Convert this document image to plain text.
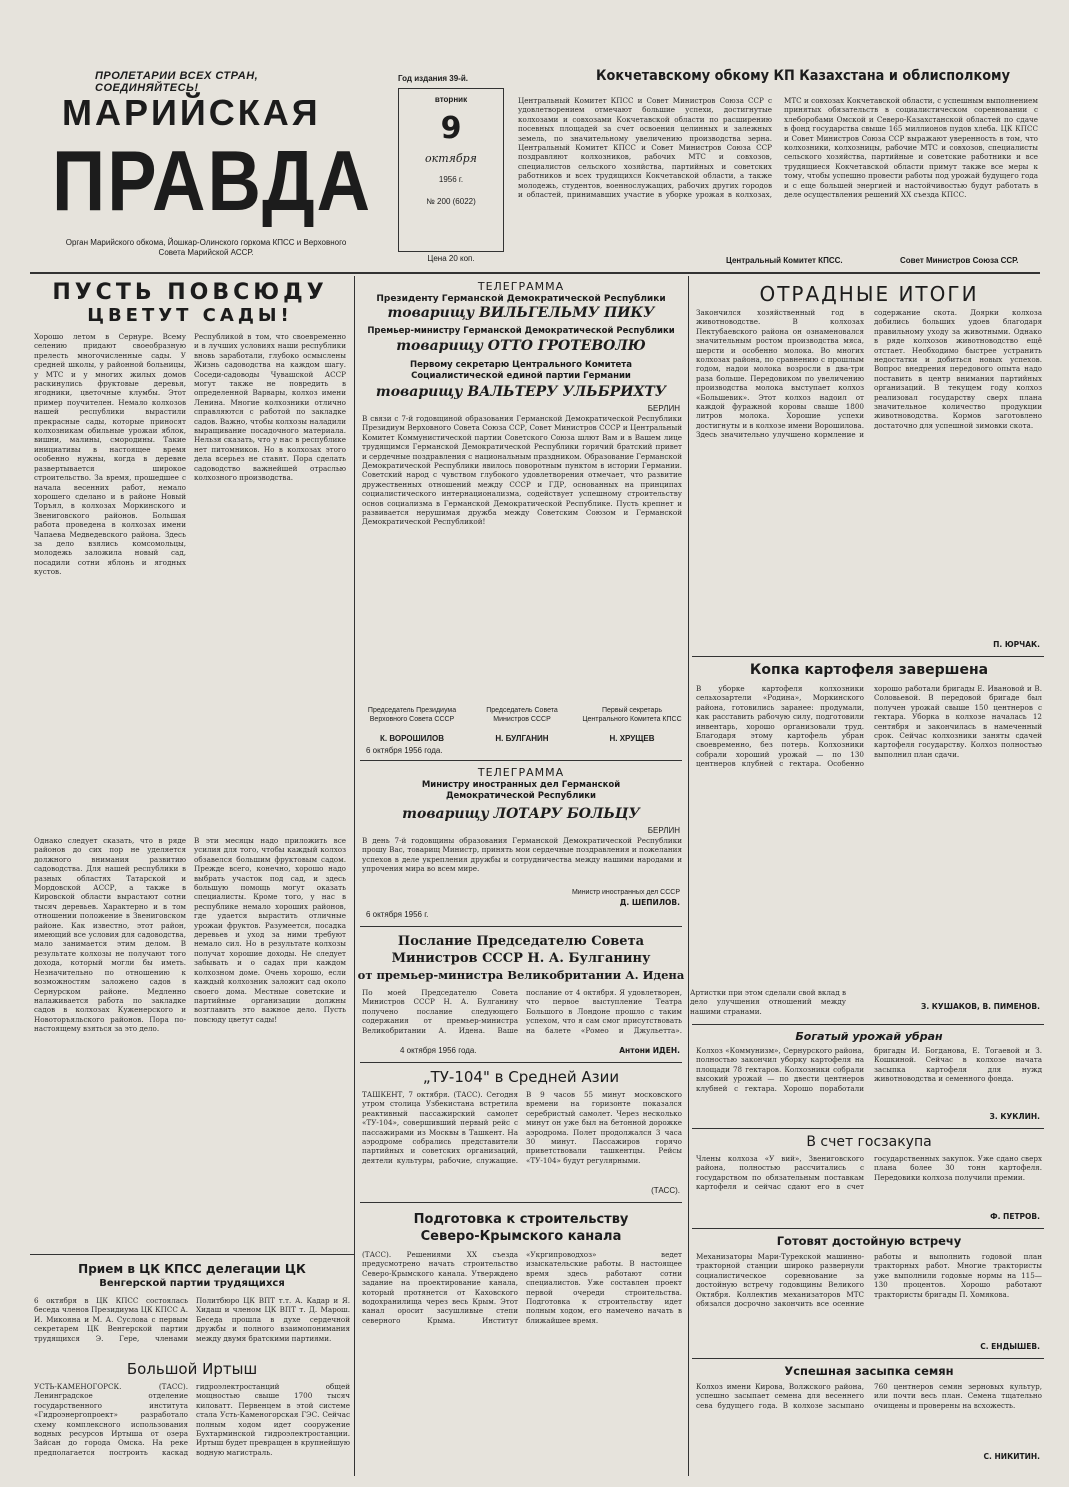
ПРОЛЕТАРИИ ВСЕХ СТРАН, СОЕДИНЯЙТЕСЬ!
МАРИЙСКАЯ
ПРАВДА
Орган Марийского обкома, Йошкар-Олинского горкома КПСС и Верховного Совета Марийской АССР.
Год издания 39-й.
вторник
9
октября
1956 г.
№ 200 (6022)
Цена 20 коп.
Кокчетавскому обкому КП Казахстана и облисполкому
Центральный Комитет КПСС и Совет Министров Союза ССР с удовлетворением отмечают большие успехи, достигнутые колхозами и совхозами Кокчетавской области по расширению посевных площадей за счет освоения целинных и залежных земель, по значительному увеличению производства зерна. Центральный Комитет КПСС и Совет Министров Союза ССР поздравляют колхозников, рабочих МТС и совхозов, специалистов сельского хозяйства, партийных и советских работников и всех трудящихся Кокчетавской области, а также молодежь, студентов, военнослужащих, рабочих других городов и областей, принимавших участие в уборке урожая в колхозах, МТС и совхозах Кокчетавской области, с успешным выполнением принятых обязательств в социалистическом соревновании с хлеборобами Омской и Северо-Казахстанской областей по сдаче в фонд государства свыше 165 миллионов пудов хлеба. ЦК КПСС и Совет Министров Союза ССР выражают уверенность в том, что колхозники, колхозницы, рабочие МТС и совхозов, специалисты сельского хозяйства, партийные и советские работники и все трудящиеся Кокчетавской области примут также все меры к тому, чтобы успешно провести работы под урожай будущего года и с еще большей энергией и настойчивостью будут работать в деле осуществления решений XX съезда КПСС.
Центральный Комитет КПСС.	Совет Министров Союза ССР.
ПУСТЬ ПОВСЮДУ
ЦВЕТУТ САДЫ!
Хорошо летом в Сернуре. Всему селению придают своеобразную прелесть многочисленные сады. У средней школы, у районной больницы, у МТС и у многих жилых домов раскинулись фруктовые деревья, ягодники, цветочные клумбы. Этот пример поучителен. Немало колхозов нашей республики вырастили прекрасные сады, которые приносят колхозникам обильные урожаи яблок, вишни, малины, смородины. Такие инициативы в настоящее время особенно нужны, когда в деревне развертывается широкое строительство. За время, прошедшее с начала весенних работ, немало хорошего сделано и в районе Новый Торъял, в колхозах Моркинского и Звениговского районов. Большая работа проведена в колхозах имени Чапаева Медведевского района. Здесь за дело взялись комсомольцы, молодежь заложила новый сад, посадили сотни яблонь и ягодных кустов.
Однако следует сказать, что в ряде районов до сих пор не уделяется должного внимания развитию садоводства. Для нашей республики в разных областях Татарской и Мордовской АССР, а также в Кировской области вырастают сотни тысяч деревьев. Характерно и в том отношении положение в Звениговском районе. Как известно, этот район, имеющий все условия для садоводства, мало занимается этим делом. В результате колхозы не получают того дохода, который могли бы иметь. Незначительно по отношению к возможностям заложено садов в Сернурском районе. Медленно налаживается работа по закладке садов в колхозах Куженерского и Новоторъяльского районов. Пора по-настоящему взяться за это дело.
Республикой в том, что своевременно и в лучших условиях наши республики вновь заработали, глубоко осмыслены Жизнь садоводства на каждом шагу. Соседи-садоводы Чувашской АССР могут также не повредить в определенной Варвары, колхоз имени Ленина. Многие колхозники отлично справляются с работой по закладке садов. Важно, чтобы колхозы наладили выращивание посадочного материала. Нельзя сказать, что у нас в республике нет питомников. Но в колхозах этого дела всерьез не ставят. Пора сделать садоводство важнейшей отраслью колхозного производства.
В эти месяцы надо приложить все усилия для того, чтобы каждый колхоз обзавелся большим фруктовым садом. Прежде всего, конечно, хорошо надо выбрать участок под сад, и здесь большую помощь могут оказать специалисты. Кроме того, у нас в республике немало хороших районов, где удается вырастить отличные урожаи фруктов. Разумеется, посадка деревьев и уход за ними требуют немало сил. Но в результате колхозы получат хорошие доходы. Не следует забывать и о садах при каждом колхозном доме. Очень хорошо, если каждый колхозник заложит сад около своего дома. Местные советские и партийные организации должны возглавить это важное дело. Пусть повсюду цветут сады!
Прием в ЦК КПСС делегации ЦК
Венгерской партии трудящихся
6 октября в ЦК КПСС состоялась беседа членов Президиума ЦК КПСС А. И. Микояна и М. А. Суслова с первым секретарем ЦК Венгерской партии трудящихся Э. Гере, членами Политбюро ЦК ВПТ т.т. А. Кадар и Я. Хидаш и членом ЦК ВПТ т. Д. Марош. Беседа прошла в духе сердечной дружбы и полного взаимопонимания между двумя братскими партиями.
Большой Иртыш
УСТЬ-КАМЕНОГОРСК. (ТАСС). Ленинградское отделение государственного института «Гидроэнергопроект» разработало схему комплексного использования водных ресурсов Иртыша от озера Зайсан до города Омска. На реке предполагается построить каскад гидроэлектростанций общей мощностью свыше 1700 тысяч киловатт. Первенцем в этой системе стала Усть-Каменогорская ГЭС. Сейчас полным ходом идет сооружение Бухтарминской гидроэлектростанции. Иртыш будет превращен в крупнейшую водную магистраль.
ТЕЛЕГРАММА
Президенту Германской Демократической Республики
товарищу ВИЛЬГЕЛЬМУ ПИКУ
Премьер-министру Германской Демократической Республики
товарищу ОТТО ГРОТЕВОЛЮ
Первому секретарю Центрального Комитета Социалистической единой партии Германии
товарищу ВАЛЬТЕРУ УЛЬБРИХТУ
БЕРЛИН
В связи с 7-й годовщиной образования Германской Демократической Республики Президиум Верховного Совета Союза ССР, Совет Министров СССР и Центральный Комитет Коммунистической партии Советского Союза шлют Вам и в Вашем лице трудящимся Германской Демократической Республики горячий братский привет и сердечные поздравления с национальным праздником. Образование Германской Демократической Республики явилось поворотным пунктом в истории Германии. Советский народ с чувством глубокого удовлетворения отмечает, что развитие дружественных отношений между СССР и ГДР, основанных на принципах социалистического интернационализма, содействует успешному строительству основ социализма в Германской Демократической Республике. Пусть крепнет и развивается нерушимая дружба между Советским Союзом и Германской Демократической Республикой!
Председатель Президиума Верховного Совета СССР
К. ВОРОШИЛОВ
Председатель Совета Министров СССР
Н. БУЛГАНИН
Первый секретарь Центрального Комитета КПСС
Н. ХРУЩЕВ
6 октября 1956 года.
ТЕЛЕГРАММА
Министру иностранных дел Германской Демократической Республики
товарищу ЛОТАРУ БОЛЬЦУ
БЕРЛИН
В день 7-й годовщины образования Германской Демократической Республики прошу Вас, товарищ Министр, принять мои сердечные поздравления и пожелания успехов в деле укрепления дружбы и сотрудничества между нашими народами и упрочения мира во всем мире.
Министр иностранных дел СССР
Д. ШЕПИЛОВ.
6 октября 1956 г.
Послание Председателю Совета
Министров СССР Н. А. Булганину
от премьер-министра Великобритании А. Идена
По моей Председателю Совета Министров СССР Н. А. Булганину получено послание следующего содержания от премьер-министра Великобритании А. Идена. Ваше послание от 4 октября. Я удовлетворен, что первое выступление Театра Большого в Лондоне прошло с таким успехом, что я сам смог присутствовать на балете «Ромео и Джульетта». Артистки при этом сделали свой вклад в дело улучшения отношений между нашими странами.
4 октября 1956 года.	Антони ИДЕН.
„ТУ-104" в Средней Азии
ТАШКЕНТ, 7 октября. (ТАСС). Сегодня утром столица Узбекистана встретила реактивный пассажирский самолет «ТУ-104», совершивший первый рейс с пассажирами из Москвы в Ташкент. На аэродроме собрались представители партийных и советских организаций, деятели культуры, рабочие, служащие. В 9 часов 55 минут московского времени на горизонте показался серебристый самолет. Через несколько минут он уже был на бетонной дорожке аэродрома. Полет продолжался 3 часа 30 минут. Пассажиров горячо приветствовали ташкентцы. Рейсы «ТУ-104» будут регулярными.
(ТАСС).
Подготовка к строительству
Северо-Крымского канала
(ТАСС). Решениями XX съезда предусмотрено начать строительство Северо-Крымского канала. Утверждено задание на проектирование канала, который протянется от Каховского водохранилища через весь Крым. Этот канал оросит засушливые степи северного Крыма. Институт «Укргипроводхоз» ведет изыскательские работы. В настоящее время здесь работают сотни специалистов. Уже составлен проект первой очереди строительства. Подготовка к строительству идет полным ходом, его намечено начать в ближайшее время.
ОТРАДНЫЕ ИТОГИ
Закончился хозяйственный год в животноводстве. В колхозах Пектубаевского района он ознаменовался значительным ростом производства мяса, шерсти и особенно молока. Во многих колхозах района, по сравнению с прошлым годом, надои молока возросли в два-три раза больше. Передовиком по увеличению производства молока выступает колхоз «Большевик». Этот колхоз надоил от каждой фуражной коровы свыше 1800 литров молока. Хорошие успехи достигнуты и в колхозе имени Ворошилова. Здесь значительно улучшено кормление и содержание скота. Доярки колхоза добились больших удоев благодаря правильному уходу за животными. Однако в ряде колхозов животноводство ещё отстает. Необходимо быстрее устранить недостатки и добиться новых успехов. Вопрос внедрения передового опыта надо поставить в центр внимания партийных организаций. В текущем году колхоз реализовал государству сверх плана значительное количество продукции животноводства. Кормов заготовлено достаточно для успешной зимовки скота.
П. ЮРЧАК.
Копка картофеля завершена
В уборке картофеля колхозники сельхозартели «Родина», Моркинского района, готовились заранее: продумали, как расставить рабочую силу, подготовили инвентарь, хорошо организовали труд. Благодаря этому картофель убран своевременно, без потерь. Колхозники собрали хороший урожай — по 130 центнеров клубней с гектара. Особенно хорошо работали бригады Е. Ивановой и В. Соловьевой. В передовой бригаде был получен урожай свыше 150 центнеров с гектара. Уборка в колхозе началась 12 сентября и закончилась в намеченный срок. Сейчас колхозники заняты сдачей картофеля государству. Колхоз полностью выполнил план сдачи.
З. КУШАКОВ, В. ПИМЕНОВ.
Богатый урожай убран
Колхоз «Коммунизм», Сернурского района, полностью закончил уборку картофеля на площади 78 гектаров. Колхозники собрали высокий урожай — по двести центнеров клубней с гектара. Хорошо поработали бригады И. Богданова, Е. Тогаевой и З. Кошкиной. Сейчас в колхозе начата засыпка картофеля для нужд животноводства и семенного фонда.
З. КУКЛИН.
В счет госзакупа
Члены колхоза «У вий», Звениговского района, полностью рассчитались с государством по обязательным поставкам картофеля и сейчас сдают его в счет государственных закупок. Уже сдано сверх плана более 30 тонн картофеля. Передовики колхоза получили премии.
Ф. ПЕТРОВ.
Готовят достойную встречу
Механизаторы Мари-Турекской машинно-тракторной станции широко развернули социалистическое соревнование за достойную встречу годовщины Великого Октября. Коллектив механизаторов МТС обязался досрочно закончить все осенние работы и выполнить годовой план тракторных работ. Многие трактористы уже выполнили годовые нормы на 115—130 процентов. Хорошо работают трактористы бригады П. Хомякова.
С. ЕНДЫШЕВ.
Успешная засыпка семян
Колхоз имени Кирова, Волжского района, успешно засыпает семена для весеннего сева будущего года. В колхозе засыпано 760 центнеров семян зерновых культур, или почти весь план. Семена тщательно очищены и проверены на всхожесть.
С. НИКИТИН.
